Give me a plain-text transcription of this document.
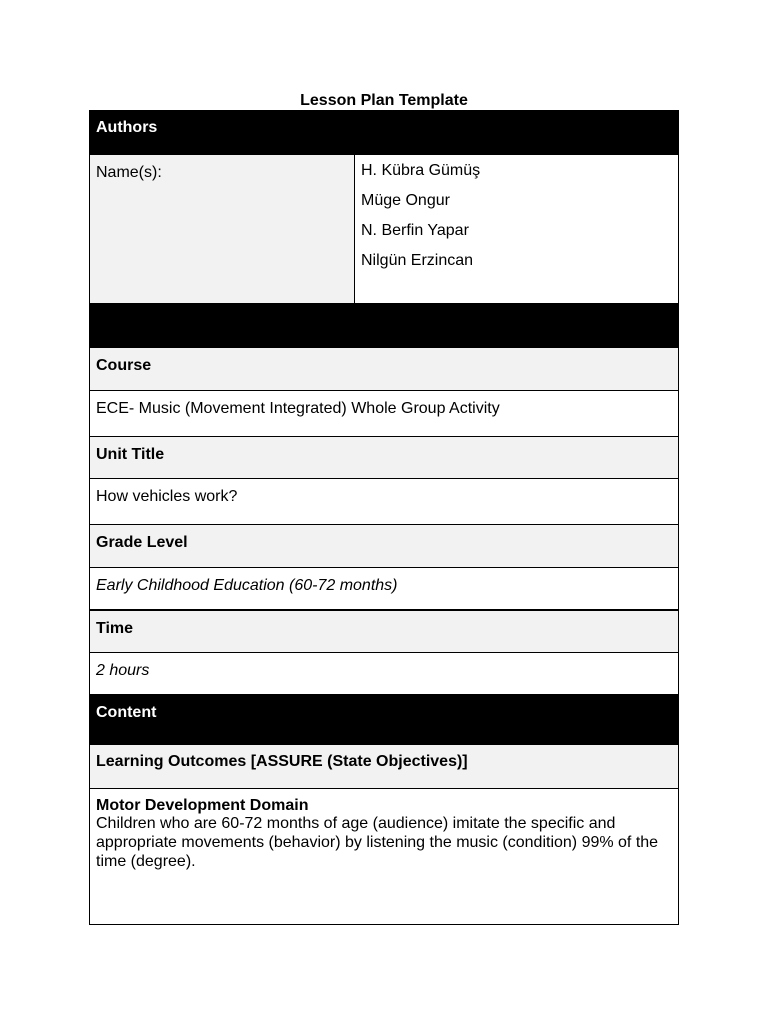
Lesson Plan Template
Authors
Name(s):	H. Kübra Gümüş
Müge Ongur
N. Berfin Yapar
Nilgün Erzincan
Course
ECE- Music (Movement Integrated) Whole Group Activity
Unit Title
How vehicles work?
Grade Level
Early Childhood Education (60-72 months)
Time
2 hours
Content
Learning Outcomes [ASSURE (State Objectives)]
Motor Development Domain
Children who are 60-72 months of age (audience) imitate the specific and appropriate movements (behavior) by listening the music (condition) 99% of the time (degree).
